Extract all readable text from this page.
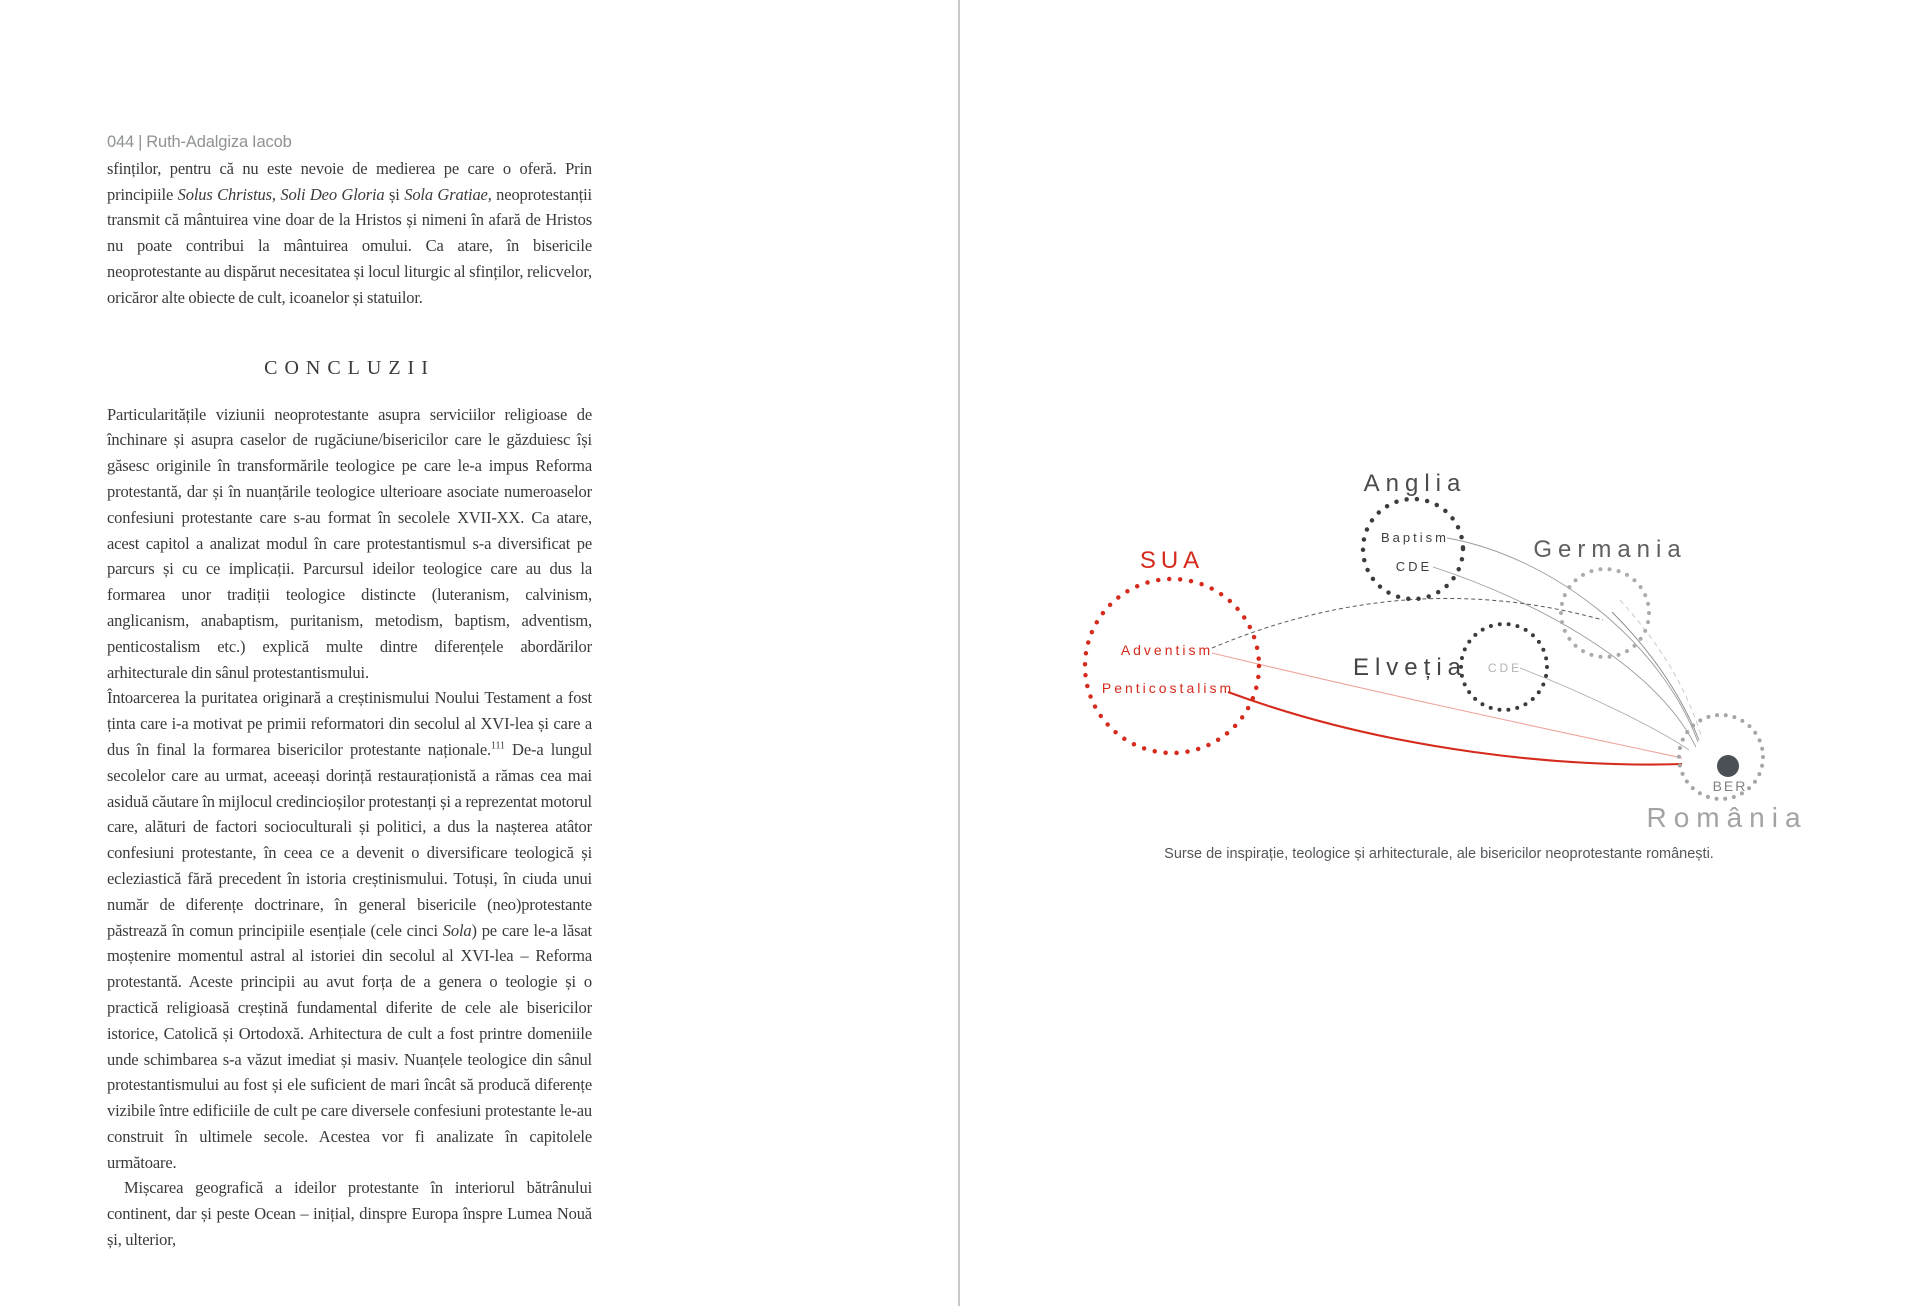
044 | Ruth-Adalgiza Iacob

sfinților, pentru că nu este nevoie de medierea pe care o oferă. Prin principiile Solus Christus, Soli Deo Gloria și Sola Gratiae, neoprotestanții transmit că mântuirea vine doar de la Hristos și nimeni în afară de Hristos nu poate contribui la mântuirea omului. Ca atare, în bisericile neoprotestante au dispărut necesitatea și locul liturgic al sfinților, relicvelor, oricăror alte obiecte de cult, icoanelor și statuilor.

CONCLUZII

Particularitățile viziunii neoprotestante asupra serviciilor religioase de închinare și asupra caselor de rugăciune/bisericilor care le găzduiesc își găsesc originile în transformările teologice pe care le-a impus Reforma protestantă, dar și în nuanțările teologice ulterioare asociate numeroaselor confesiuni protestante care s-au format în secolele XVII-XX. Ca atare, acest capitol a analizat modul în care protestantismul s-a diversificat pe parcurs și cu ce implicații. Parcursul ideilor teologice care au dus la formarea unor tradiții teologice distincte (luteranism, calvinism, anglicanism, anabaptism, puritanism, metodism, baptism, adventism, penticostalism etc.) explică multe dintre diferențele abordărilor arhitecturale din sânul protestantismului.

Întoarcerea la puritatea originară a creștinismului Noului Testament a fost ținta care i-a motivat pe primii reformatori din secolul al XVI-lea și care a dus în final la formarea bisericilor protestante naționale.$^{111}$ De-a lungul secolelor care au urmat, aceeași dorință restauraționistă a rămas cea mai asiduă căutare în mijlocul credincioșilor protestanți și a reprezentat motorul care, alături de factori socioculturali și politici, a dus la nașterea atâtor confesiuni protestante, în ceea ce a devenit o diversificare teologică și ecleziastică fără precedent în istoria creștinismului. Totuși, în ciuda unui număr de diferențe doctrinare, în general bisericile (neo)protestante păstrează în comun principiile esențiale (cele cinci Sola) pe care le-a lăsat moștenire momentul astral al istoriei din secolul al XVI-lea – Reforma protestantă. Aceste principii au avut forța de a genera o teologie și o practică religioasă creștină fundamental diferite de cele ale bisericilor istorice, Catolică și Ortodoxă. Arhitectura de cult a fost printre domeniile unde schimbarea s-a văzut imediat și masiv. Nuanțele teologice din sânul protestantismului au fost și ele suficient de mari încât să producă diferențe vizibile între edificiile de cult pe care diversele confesiuni protestante le-au construit în ultimele secole. Acestea vor fi analizate în capitolele următoare.

Mișcarea geografică a ideilor protestante în interiorul bătrânului continent, dar și peste Ocean – inițial, dinspre Europa înspre Lumea Nouă și, ulterior,

Anglia
Baptism
CDE
Germania
SUA
Adventism
Penticostalism
Elveția CDE
România
BER

Surse de inspirație, teologice și arhitecturale, ale bisericilor neoprotestante românești.
